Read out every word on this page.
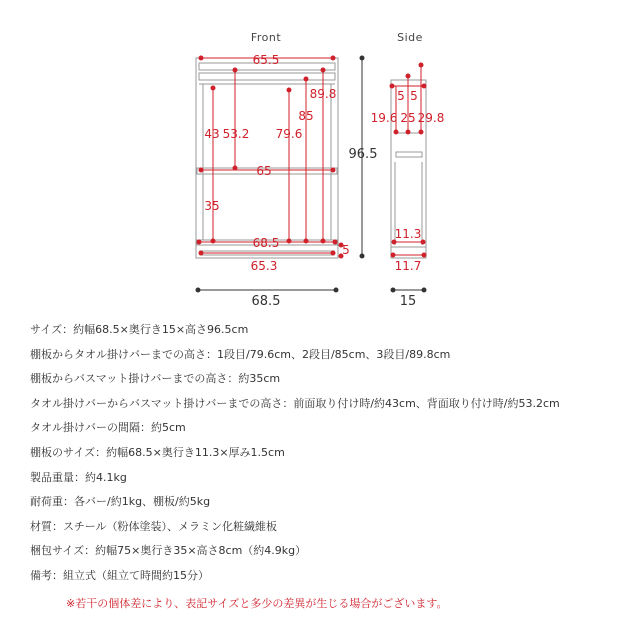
Front	Side
65.5
43 53.2 79.6
85
89.8
65
35
68.5
65.3
5
96.5
68.5
5 5
19.6 25 29.8
11.3
11.7
15
サイズ：約幅68.5×奥行き15×高さ96.5cm
棚板からタオル掛けバーまでの高さ：1段目/79.6cm、2段目/85cm、3段目/89.8cm
棚板からバスマット掛けバーまでの高さ：約35cm
タオル掛けバーからバスマット掛けバーまでの高さ：前面取り付け時/約43cm、背面取り付け時/約53.2cm
タオル掛けバーの間隔：約5cm
棚板のサイズ：約幅68.5×奥行き11.3×厚み1.5cm
製品重量：約4.1kg
耐荷重：各バー/約1kg、棚板/約5kg
材質：スチール（粉体塗装）、メラミン化粧繊維板
梱包サイズ：約幅75×奥行き35×高さ8cm（約4.9kg）
備考：組立式（組立て時間約15分）
※若干の個体差により、表記サイズと多少の差異が生じる場合がございます。
